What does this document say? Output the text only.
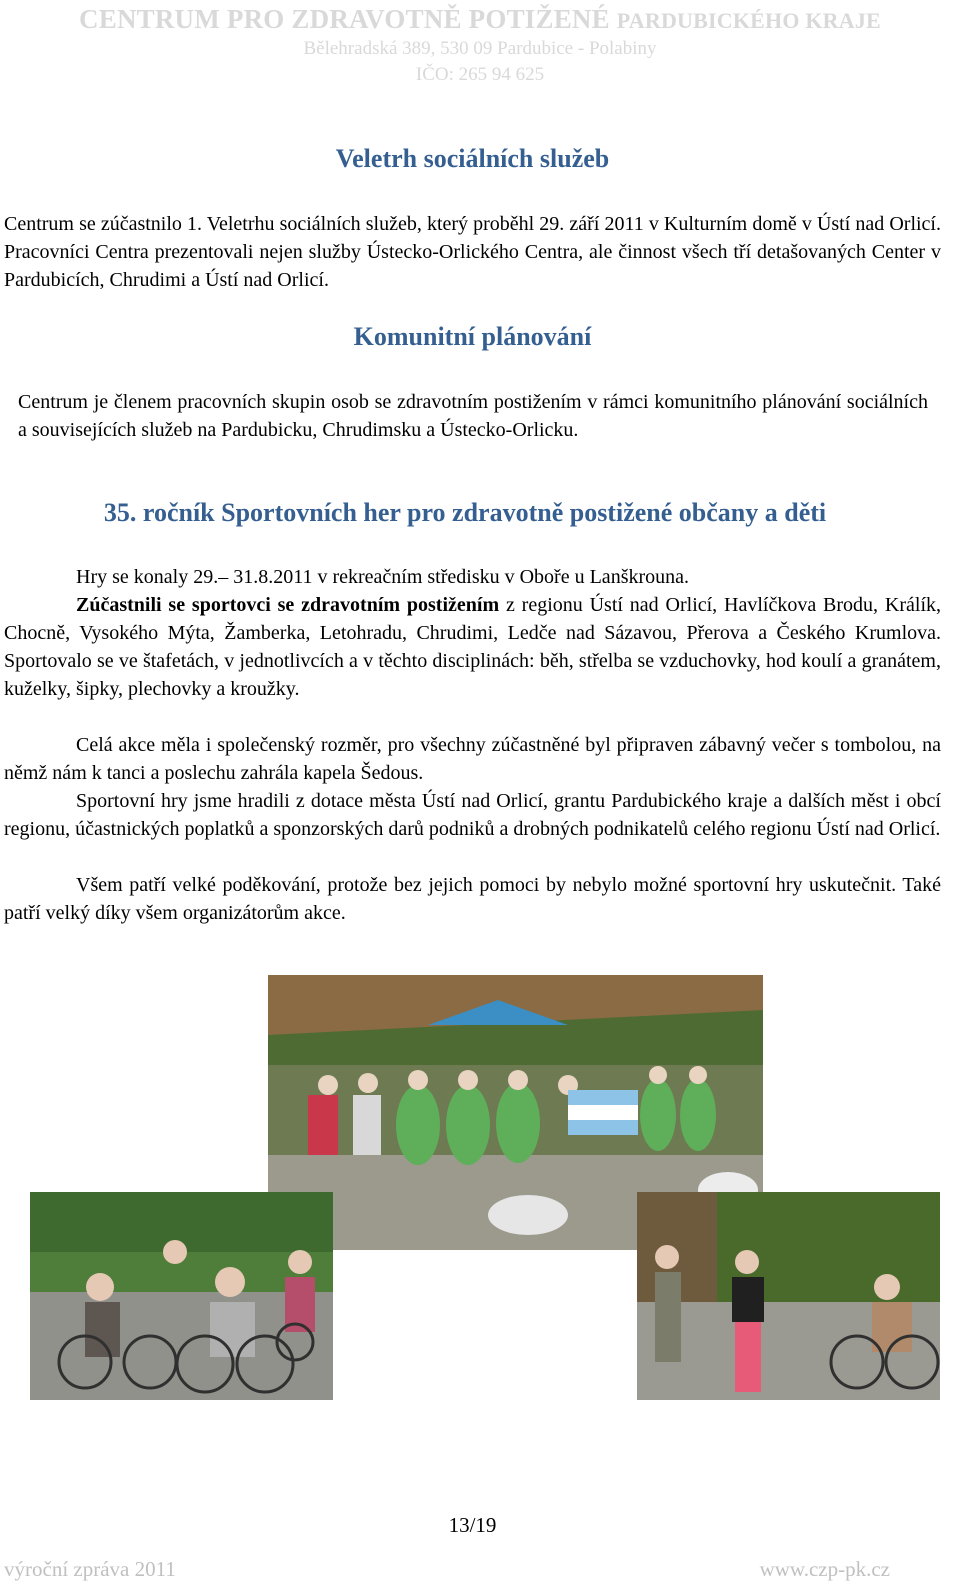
CENTRUM PRO ZDRAVOTNĚ POTIŽENÉ PARDUBICKÉHO KRAJE
Bělehradská 389, 530 09 Pardubice - Polabiny
IČO: 265 94 625
Veletrh sociálních služeb

Centrum se zúčastnilo 1. Veletrhu sociálních služeb, který proběhl 29. září 2011 v Kulturním domě v Ústí nad Orlicí. Pracovníci Centra prezentovali nejen služby Ústecko-Orlického Centra, ale činnost všech tří detašovaných Center v Pardubicích, Chrudimi a Ústí nad Orlicí.

Komunitní plánování

Centrum je členem pracovních skupin osob se zdravotním postižením v rámci komunitního plánování sociálních a souvisejících služeb na Pardubicku, Chrudimsku a Ústecko-Orlicku.

35. ročník Sportovních her pro zdravotně postižené občany a děti

Hry se konaly 29.– 31.8.2011 v rekreačním středisku v Oboře u Lanškrouna.

Zúčastnili se sportovci se zdravotním postižením z regionu Ústí nad Orlicí, Havlíčkova Brodu, Králík, Chocně, Vysokého Mýta, Žamberka, Letohradu, Chrudimi, Ledče nad Sázavou, Přerova a Českého Krumlova. Sportovalo se ve štafetách, v jednotlivcích a v těchto disciplinách: běh, střelba se vzduchovky, hod koulí a granátem, kuželky, šipky, plechovky a kroužky.

Celá akce měla i společenský rozměr, pro všechny zúčastněné byl připraven zábavný večer s tombolou, na němž nám k tanci a poslechu zahrála kapela Šedous.

Sportovní hry jsme hradili z dotace města Ústí nad Orlicí, grantu Pardubického kraje a dalších měst i obcí regionu, účastnických poplatků a sponzorských darů podniků a drobných podnikatelů celého regionu Ústí nad Orlicí.

Všem patří velké poděkování, protože bez jejich pomoci by nebylo možné sportovní hry uskutečnit. Také patří velký díky všem organizátorům akce.

13/19
výroční zpráva 2011	www.czp-pk.cz
